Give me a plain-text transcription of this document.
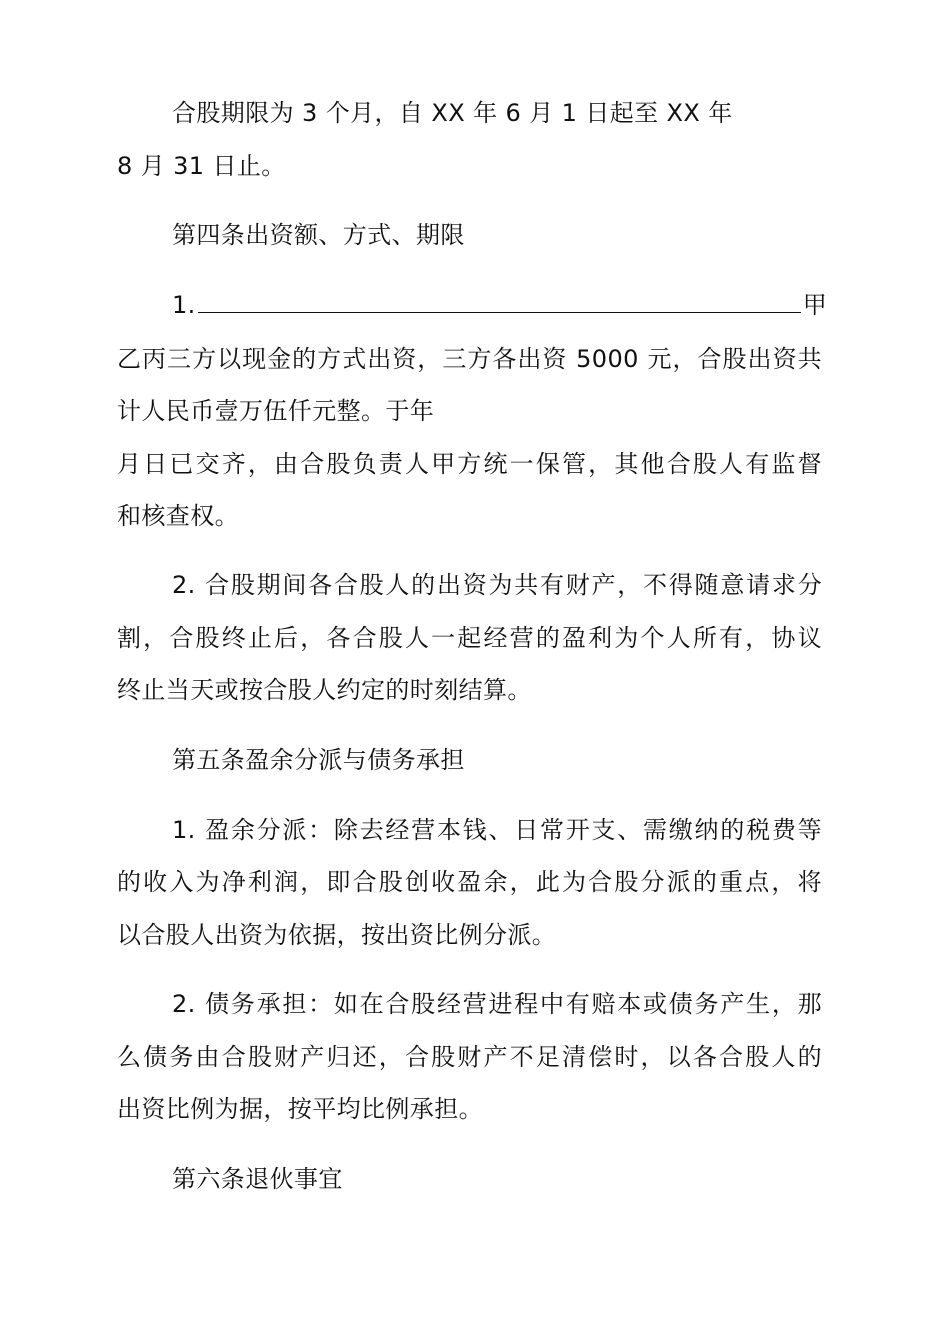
合股期限为 3 个月，自 XX 年 6 月 1 日起至 XX 年
8 月 31 日止。
第四条出资额、方式、期限
1.	甲
乙丙三方以现金的方式出资，三方各出资 5000 元，合股出资共
计人民币壹万伍仟元整。于年
月日已交齐，由合股负责人甲方统一保管，其他合股人有监督
和核查权。
2. 合股期间各合股人的出资为共有财产，不得随意请求分
割，合股终止后，各合股人一起经营的盈利为个人所有，协议
终止当天或按合股人约定的时刻结算。
第五条盈余分派与债务承担
1. 盈余分派：除去经营本钱、日常开支、需缴纳的税费等
的收入为净利润，即合股创收盈余，此为合股分派的重点，将
以合股人出资为依据，按出资比例分派。
2. 债务承担：如在合股经营进程中有赔本或债务产生，那
么债务由合股财产归还，合股财产不足清偿时，以各合股人的
出资比例为据，按平均比例承担。
第六条退伙事宜
